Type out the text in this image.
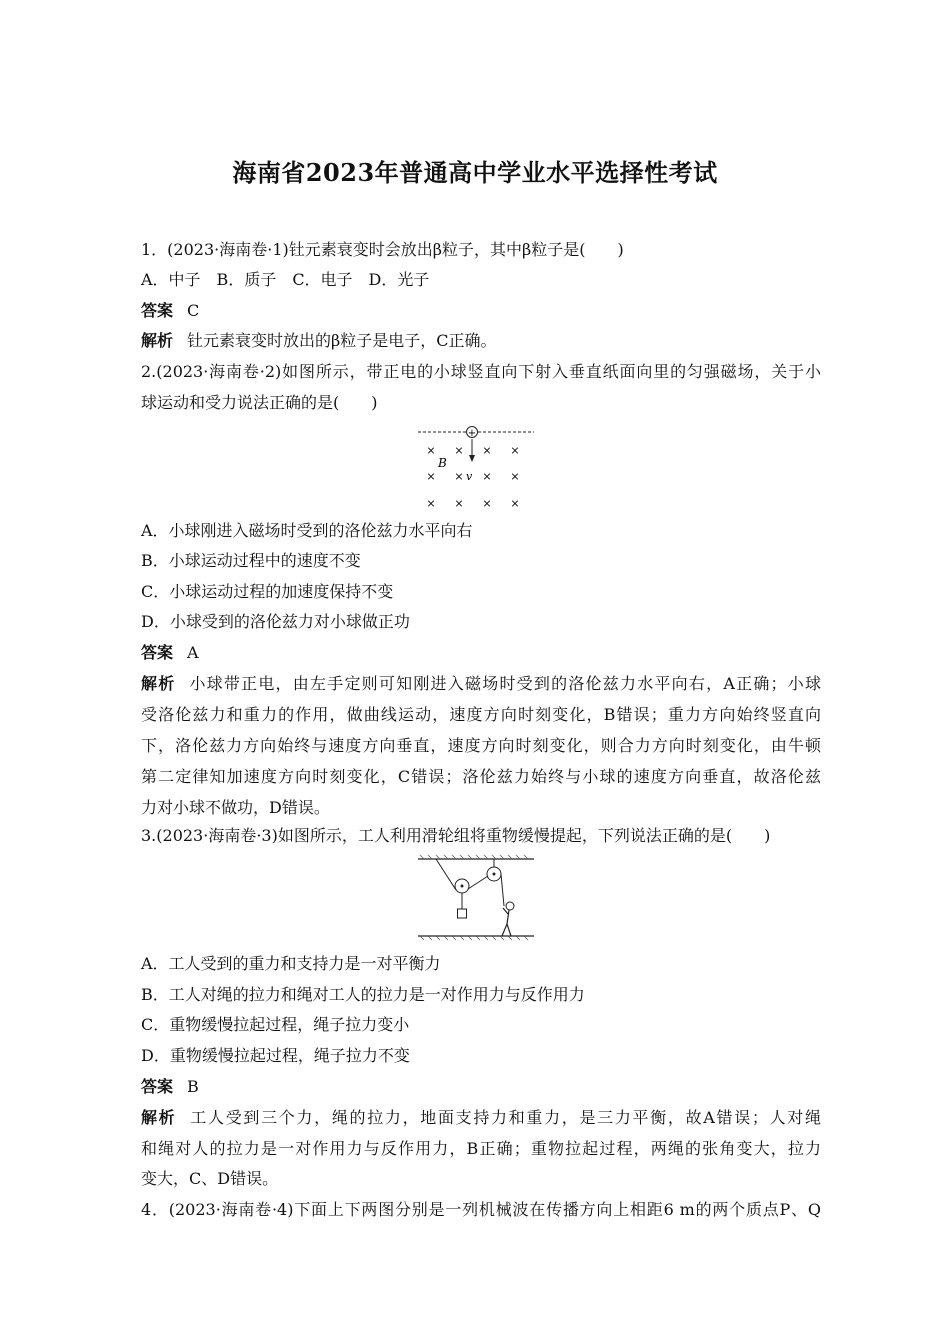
海南省2023年普通高中学业水平选择性考试
1．(2023·海南卷·1)钍元素衰变时会放出β粒子，其中β粒子是(　　)
A．中子　B．质子　C．电子　D．光子
答案 C
解析 钍元素衰变时放出的β粒子是电子，C正确。
2.(2023·海南卷·2)如图所示，带正电的小球竖直向下射入垂直纸面向里的匀强磁场，关于小
球运动和受力说法正确的是(　　)
+
v
B
× × × ×
× × × ×
× × × ×
A．小球刚进入磁场时受到的洛伦兹力水平向右
B．小球运动过程中的速度不变
C．小球运动过程的加速度保持不变
D．小球受到的洛伦兹力对小球做正功
答案 A
解析 小球带正电，由左手定则可知刚进入磁场时受到的洛伦兹力水平向右，A正确；小球
受洛伦兹力和重力的作用，做曲线运动，速度方向时刻变化，B错误；重力方向始终竖直向
下，洛伦兹力方向始终与速度方向垂直，速度方向时刻变化，则合力方向时刻变化，由牛顿
第二定律知加速度方向时刻变化，C错误；洛伦兹力始终与小球的速度方向垂直，故洛伦兹
力对小球不做功，D错误。
3.(2023·海南卷·3)如图所示，工人利用滑轮组将重物缓慢提起，下列说法正确的是(　　)
A．工人受到的重力和支持力是一对平衡力
B．工人对绳的拉力和绳对工人的拉力是一对作用力与反作用力
C．重物缓慢拉起过程，绳子拉力变小
D．重物缓慢拉起过程，绳子拉力不变
答案 B
解析 工人受到三个力，绳的拉力，地面支持力和重力，是三力平衡，故A错误；人对绳
和绳对人的拉力是一对作用力与反作用力，B正确；重物拉起过程，两绳的张角变大，拉力
变大，C、D错误。
4．(2023·海南卷·4)下面上下两图分别是一列机械波在传播方向上相距6 m的两个质点P、Q
